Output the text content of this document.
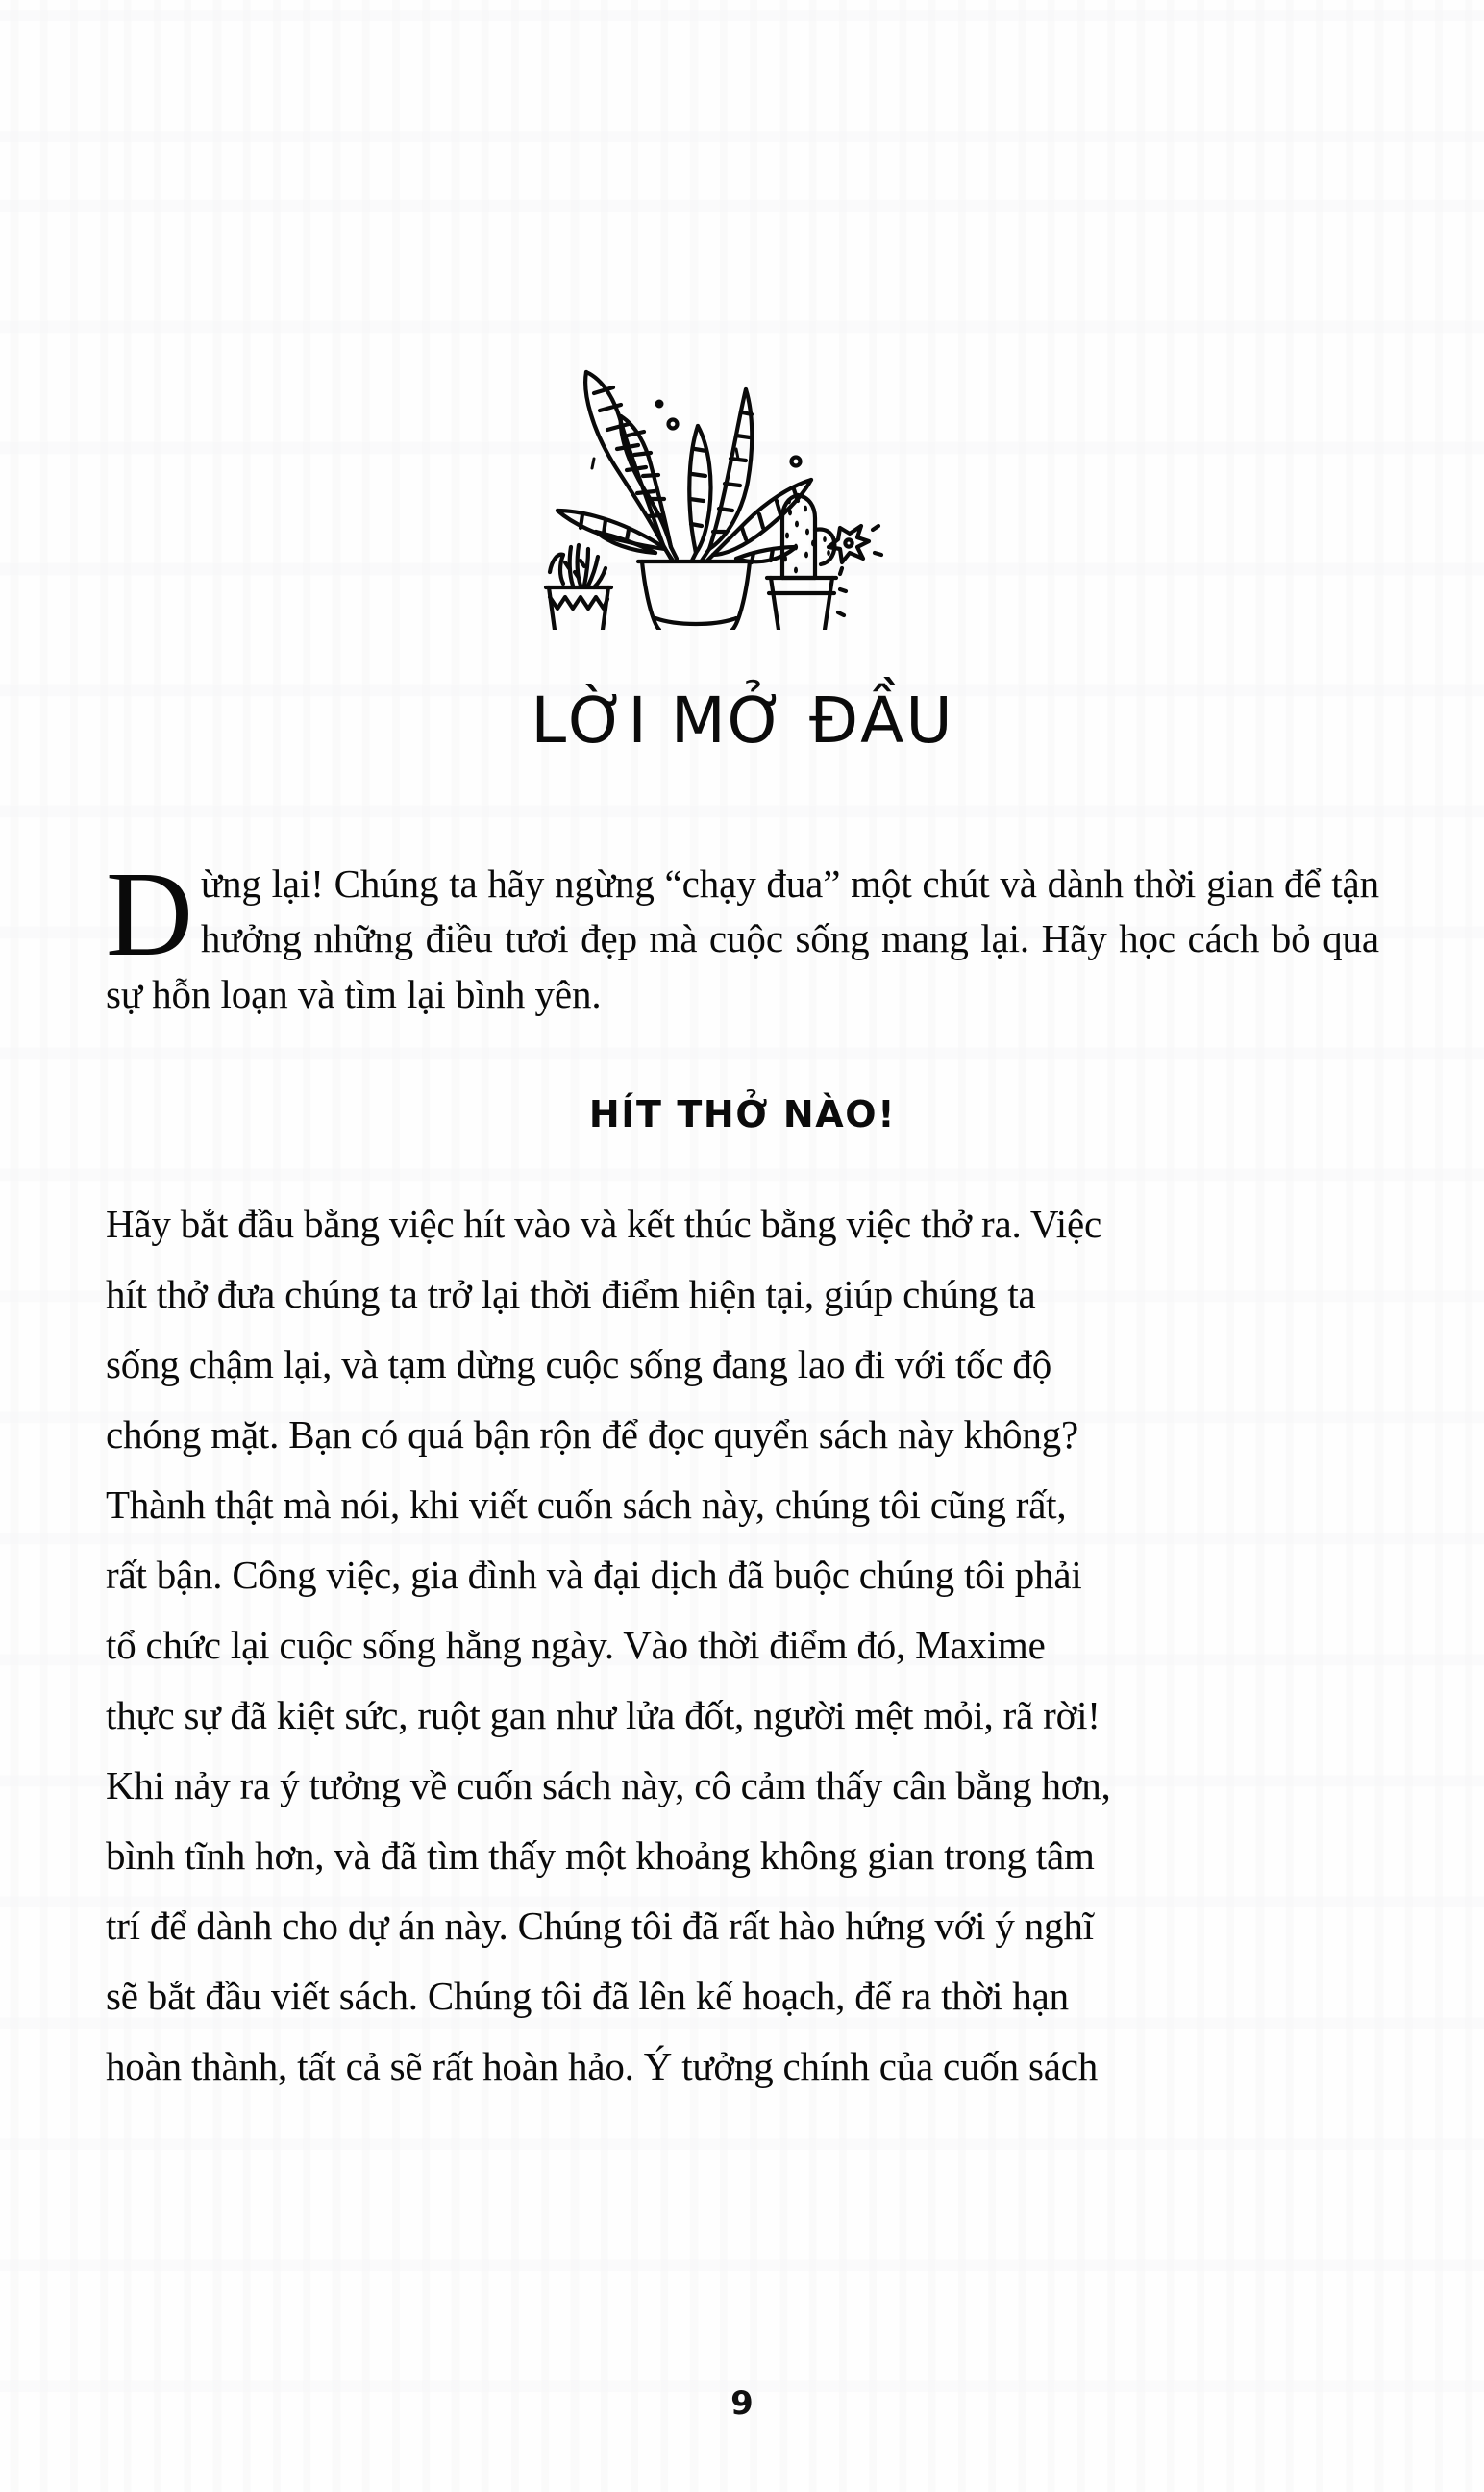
LỜI MỞ ĐẦU

Dừng lại! Chúng ta hãy ngừng “chạy đua” một chút và dành thời gian để tận hưởng những điều tươi đẹp mà cuộc sống mang lại. Hãy học cách bỏ qua sự hỗn loạn và tìm lại bình yên.

HÍT THỞ NÀO!
Hãy bắt đầu bằng việc hít vào và kết thúc bằng việc thở ra. Việc
hít thở đưa chúng ta trở lại thời điểm hiện tại, giúp chúng ta
sống chậm lại, và tạm dừng cuộc sống đang lao đi với tốc độ
chóng mặt. Bạn có quá bận rộn để đọc quyển sách này không?
Thành thật mà nói, khi viết cuốn sách này, chúng tôi cũng rất,
rất bận. Công việc, gia đình và đại dịch đã buộc chúng tôi phải
tổ chức lại cuộc sống hằng ngày. Vào thời điểm đó, Maxime
thực sự đã kiệt sức, ruột gan như lửa đốt, người mệt mỏi, rã rời!
Khi nảy ra ý tưởng về cuốn sách này, cô cảm thấy cân bằng hơn,
bình tĩnh hơn, và đã tìm thấy một khoảng không gian trong tâm
trí để dành cho dự án này. Chúng tôi đã rất hào hứng với ý nghĩ
sẽ bắt đầu viết sách. Chúng tôi đã lên kế hoạch, để ra thời hạn
hoàn thành, tất cả sẽ rất hoàn hảo. Ý tưởng chính của cuốn sách
9
